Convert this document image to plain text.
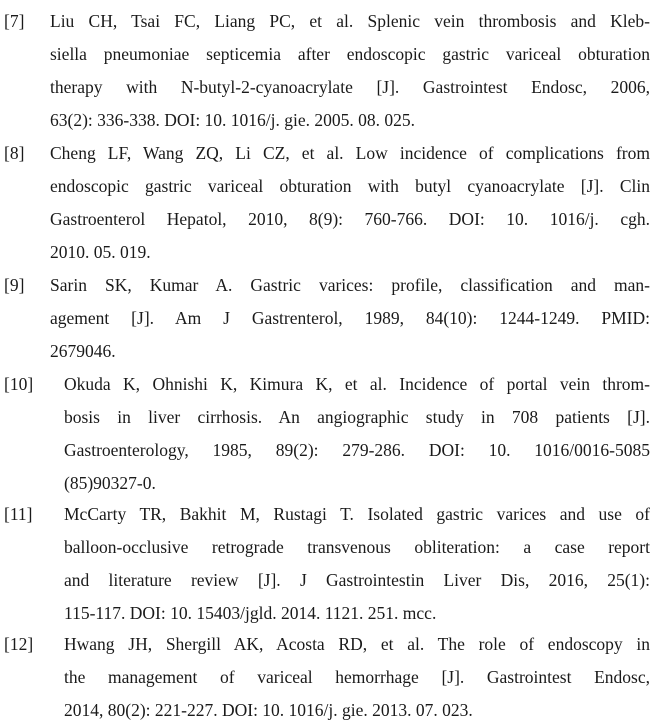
[7] Liu CH, Tsai FC, Liang PC, et al. Splenic vein thrombosis and Kleb-
siella pneumoniae septicemia after endoscopic gastric variceal obturation
therapy with N-butyl-2-cyanoacrylate [J]. Gastrointest Endosc, 2006,
63(2): 336-338. DOI: 10. 1016/j. gie. 2005. 08. 025.
[8] Cheng LF, Wang ZQ, Li CZ, et al. Low incidence of complications from
endoscopic gastric variceal obturation with butyl cyanoacrylate [J]. Clin
Gastroenterol Hepatol, 2010, 8(9): 760-766. DOI: 10. 1016/j. cgh.
2010. 05. 019.
[9] Sarin SK, Kumar A. Gastric varices: profile, classification and man-
agement [J]. Am J Gastrenterol, 1989, 84(10): 1244-1249. PMID:
2679046.
[10] Okuda K, Ohnishi K, Kimura K, et al. Incidence of portal vein throm-
bosis in liver cirrhosis. An angiographic study in 708 patients [J].
Gastroenterology, 1985, 89(2): 279-286. DOI: 10. 1016/0016-5085
(85)90327-0.
[11] McCarty TR, Bakhit M, Rustagi T. Isolated gastric varices and use of
balloon-occlusive retrograde transvenous obliteration: a case report
and literature review [J]. J Gastrointestin Liver Dis, 2016, 25(1):
115-117. DOI: 10. 15403/jgld. 2014. 1121. 251. mcc.
[12] Hwang JH, Shergill AK, Acosta RD, et al. The role of endoscopy in
the management of variceal hemorrhage [J]. Gastrointest Endosc,
2014, 80(2): 221-227. DOI: 10. 1016/j. gie. 2013. 07. 023.
